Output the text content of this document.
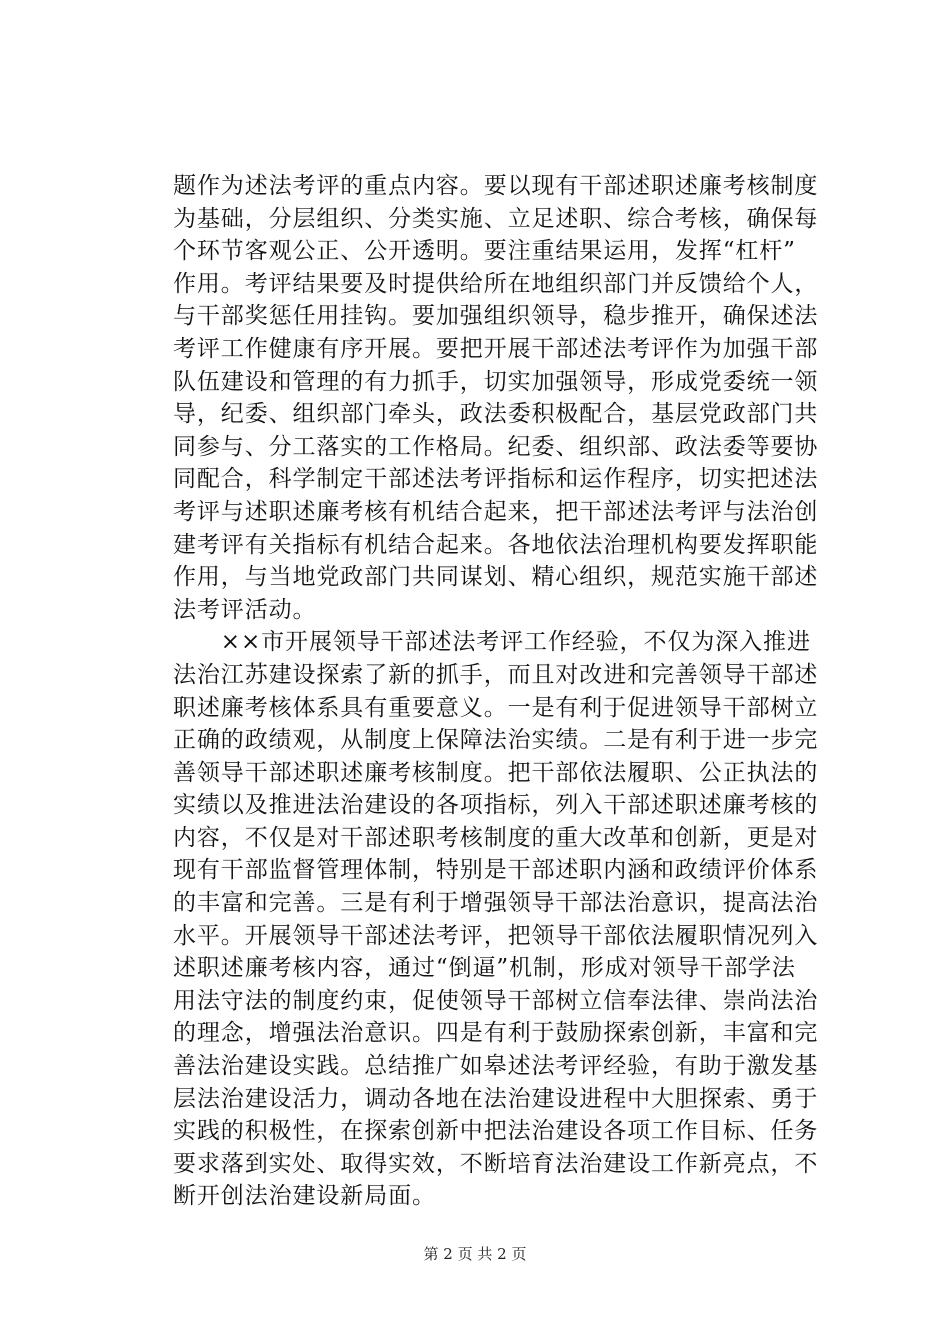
题作为述法考评的重点内容。要以现有干部述职述廉考核制度
为基础，分层组织、分类实施、立足述职、综合考核，确保每
个环节客观公正、公开透明。要注重结果运用，发挥“杠杆”
作用。考评结果要及时提供给所在地组织部门并反馈给个人，
与干部奖惩任用挂钩。要加强组织领导，稳步推开，确保述法
考评工作健康有序开展。要把开展干部述法考评作为加强干部
队伍建设和管理的有力抓手，切实加强领导，形成党委统一领
导，纪委、组织部门牵头，政法委积极配合，基层党政部门共
同参与、分工落实的工作格局。纪委、组织部、政法委等要协
同配合，科学制定干部述法考评指标和运作程序，切实把述法
考评与述职述廉考核有机结合起来，把干部述法考评与法治创
建考评有关指标有机结合起来。各地依法治理机构要发挥职能
作用，与当地党政部门共同谋划、精心组织，规范实施干部述
法考评活动。
　　××市开展领导干部述法考评工作经验，不仅为深入推进
法治江苏建设探索了新的抓手，而且对改进和完善领导干部述
职述廉考核体系具有重要意义。一是有利于促进领导干部树立
正确的政绩观，从制度上保障法治实绩。二是有利于进一步完
善领导干部述职述廉考核制度。把干部依法履职、公正执法的
实绩以及推进法治建设的各项指标，列入干部述职述廉考核的
内容，不仅是对干部述职考核制度的重大改革和创新，更是对
现有干部监督管理体制，特别是干部述职内涵和政绩评价体系
的丰富和完善。三是有利于增强领导干部法治意识，提高法治
水平。开展领导干部述法考评，把领导干部依法履职情况列入
述职述廉考核内容，通过“倒逼”机制，形成对领导干部学法
用法守法的制度约束，促使领导干部树立信奉法律、崇尚法治
的理念，增强法治意识。四是有利于鼓励探索创新，丰富和完
善法治建设实践。总结推广如皋述法考评经验，有助于激发基
层法治建设活力，调动各地在法治建设进程中大胆探索、勇于
实践的积极性，在探索创新中把法治建设各项工作目标、任务
要求落到实处、取得实效，不断培育法治建设工作新亮点，不
断开创法治建设新局面。
第 2 页 共 2 页
